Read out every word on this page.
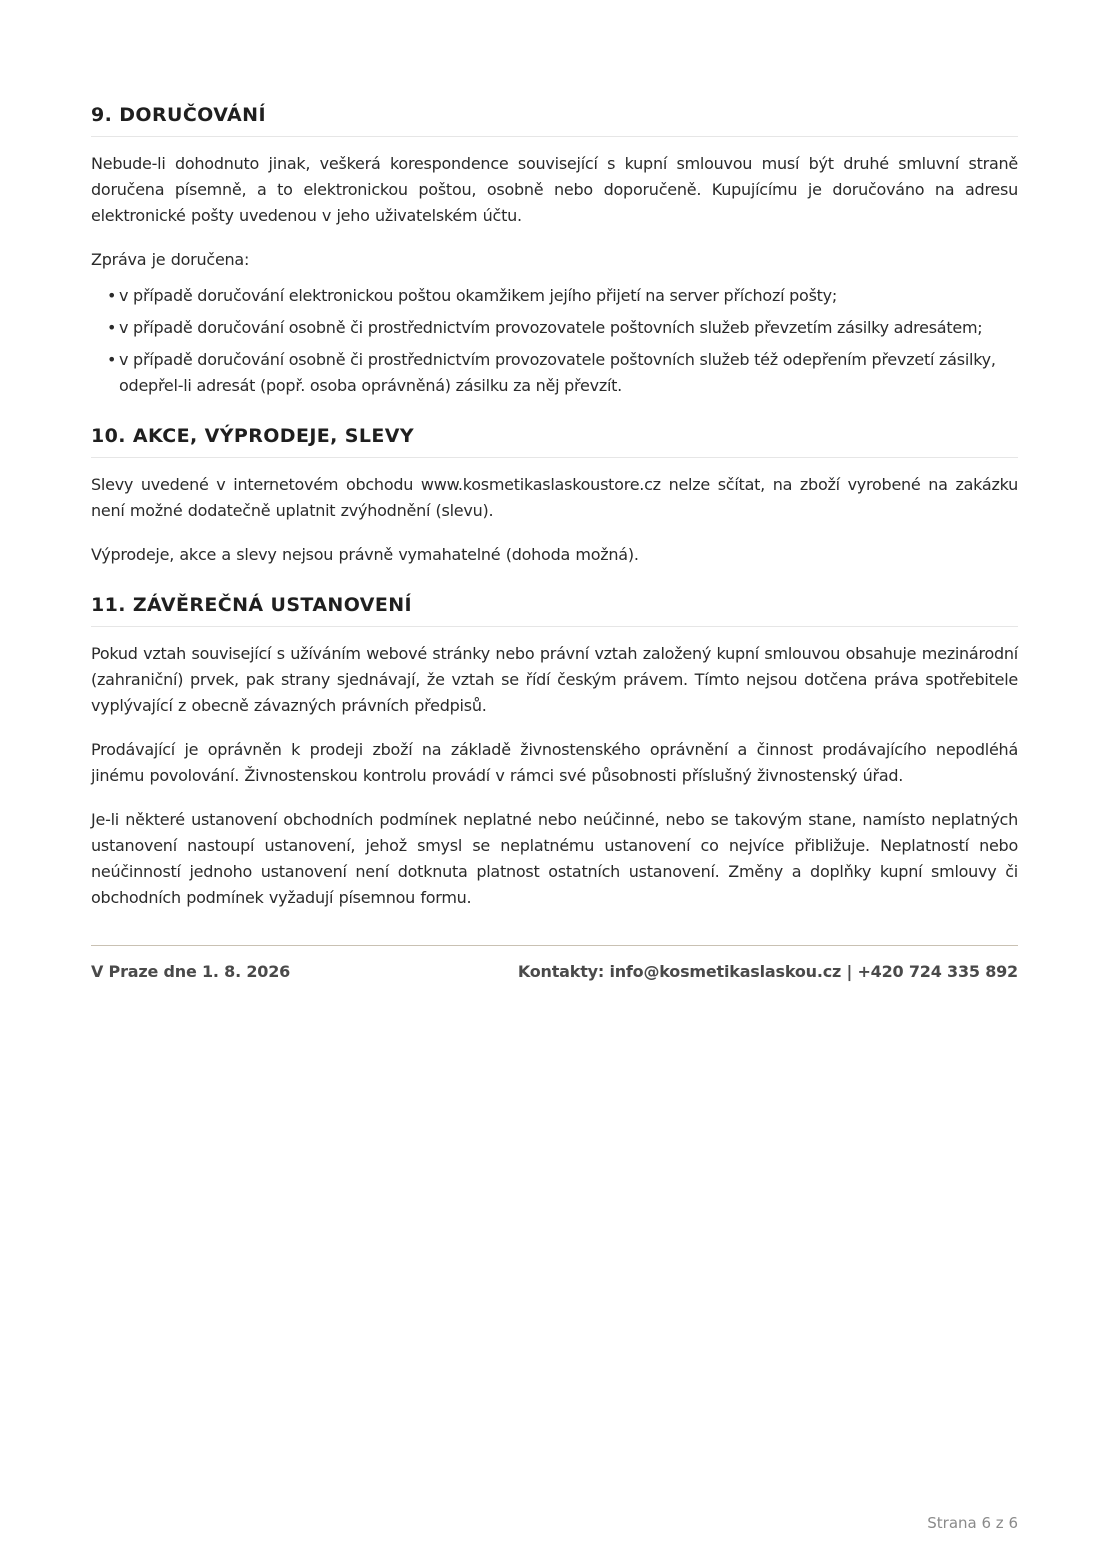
9. DORUČOVÁNÍ

Nebude-li dohodnuto jinak, veškerá korespondence související s kupní smlouvou musí být druhé smluvní straně doručena písemně, a to elektronickou poštou, osobně nebo doporučeně. Kupujícímu je doručováno na adresu elektronické pošty uvedenou v jeho uživatelském účtu.

Zpráva je doručena:

• v případě doručování elektronickou poštou okamžikem jejího přijetí na server příchozí pošty;
• v případě doručování osobně či prostřednictvím provozovatele poštovních služeb převzetím zásilky adresátem;
• v případě doručování osobně či prostřednictvím provozovatele poštovních služeb též odepřením převzetí zásilky, odepřel-li adresát (popř. osoba oprávněná) zásilku za něj převzít.
10. AKCE, VÝPRODEJE, SLEVY

Slevy uvedené v internetovém obchodu www.kosmetikaslaskoustore.cz nelze sčítat, na zboží vyrobené na zakázku není možné dodatečně uplatnit zvýhodnění (slevu).

Výprodeje, akce a slevy nejsou právně vymahatelné (dohoda možná).

11. ZÁVĚREČNÁ USTANOVENÍ

Pokud vztah související s užíváním webové stránky nebo právní vztah založený kupní smlouvou obsahuje mezinárodní (zahraniční) prvek, pak strany sjednávají, že vztah se řídí českým právem. Tímto nejsou dotčena práva spotřebitele vyplývající z obecně závazných právních předpisů.

Prodávající je oprávněn k prodeji zboží na základě živnostenského oprávnění a činnost prodávajícího nepodléhá jinému povolování. Živnostenskou kontrolu provádí v rámci své působnosti příslušný živnostenský úřad.

Je-li některé ustanovení obchodních podmínek neplatné nebo neúčinné, nebo se takovým stane, namísto neplatných ustanovení nastoupí ustanovení, jehož smysl se neplatnému ustanovení co nejvíce přibližuje. Neplatností nebo neúčinností jednoho ustanovení není dotknuta platnost ostatních ustanovení. Změny a doplňky kupní smlouvy či obchodních podmínek vyžadují písemnou formu.

V Praze dne 1. 8. 2026	Kontakty: info@kosmetikaslaskou.cz | +420 724 335 892
Strana 6 z 6
